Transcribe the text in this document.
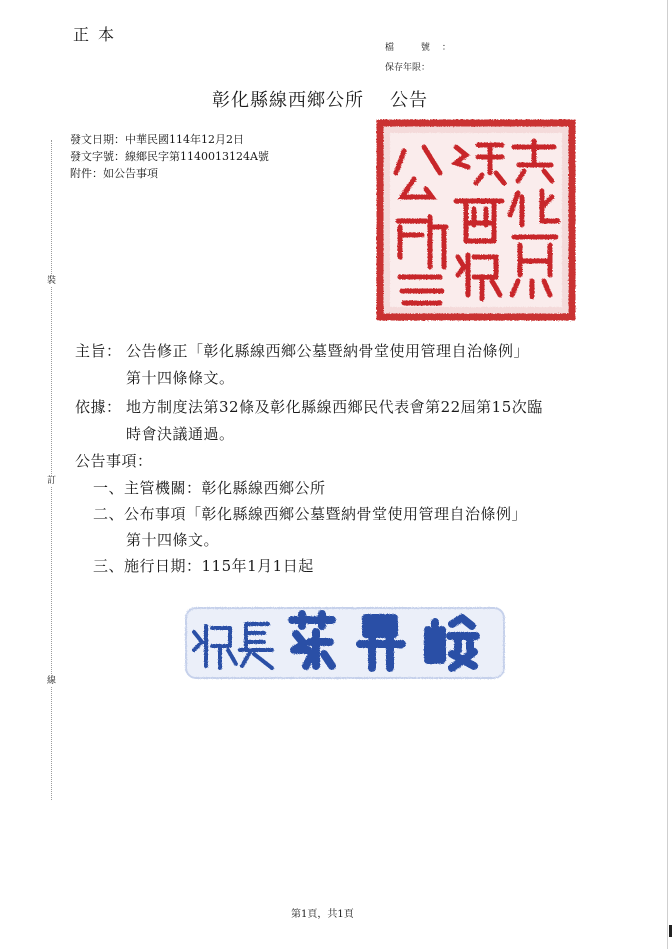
正本
檔 號：
保存年限：
彰化縣線西鄉公所 公告
發文日期：中華民國114年12月2日
發文字號：線鄉民字第1140013124A號
附件：如公告事項
裝
訂
線
主旨： 公告修正「彰化縣線西鄉公墓暨納骨堂使用管理自治條例」
第十四條條文。
依據： 地方制度法第32條及彰化縣線西鄉民代表會第22屆第15次臨
時會決議通過。
公告事項：
一、主管機關：彰化縣線西鄉公所
二、公布事項「彰化縣線西鄉公墓暨納骨堂使用管理自治條例」
第十四條文。
三、施行日期：115年1月1日起
第1頁，共1頁
